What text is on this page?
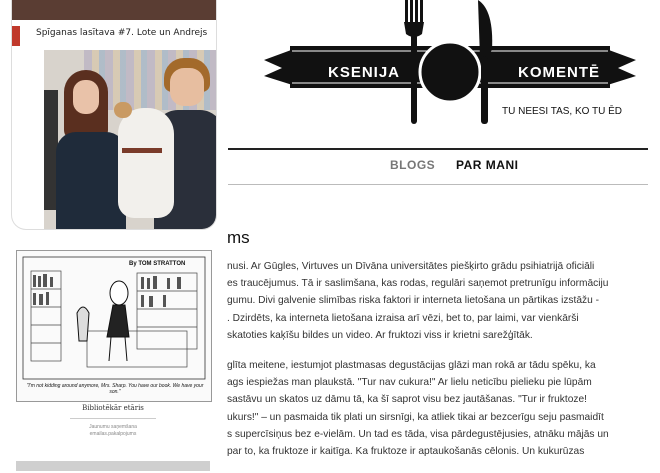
Spīganas lasītava #7. Lote un Andrejs
By TOM STRATTON
"I'm not kidding around anymore, Mrs. Sharp. You have our book. We have your son."
Bibliotēkār etāris
Jaunumu saņemšana
emailas.pakalpojums
KSENIJA	KOMENTĒ
TU NEESI TAS, KO TU ĒD
BLOGS PAR MANI
ms

nusi. Ar Gūgles, Virtuves un Dīvāna universitātes piešķirto grādu psihiatrijā oficiāli
es traucējumus. Tā ir saslimšana, kas rodas, regulāri saņemot pretrunīgu informāciju
gumu. Divi galvenie slimības riska faktori ir interneta lietošana un pārtikas izstāžu -
. Dzirdēts, ka interneta lietošana izraisa arī vēzi, bet to, par laimi, var vienkārši
skatoties kaķīšu bildes un video. Ar fruktozi viss ir krietni sarežģītāk.

glīta meitene, iestumjot plastmasas degustācijas glāzi man rokā ar tādu spēku, ka
ags iespiežas man plaukstā. "Tur nav cukura!" Ar lielu neticību pielieku pie lūpām
sastāvu un skatos uz dāmu tā, ka šī saprot visu bez jautāšanas. "Tur ir fruktoze!
ukurs!" – un pasmaida tik plati un sirsnīgi, ka atliek tikai ar bezcerīgu seju pasmaidīt
s supercīsiņus bez e-vielām. Un tad es tāda, visa pārdegustējusies, atnāku mājās un
par to, ka fruktoze ir kaitīga. Ka fruktoze ir aptaukošanās cēlonis. Un kukurūzas
